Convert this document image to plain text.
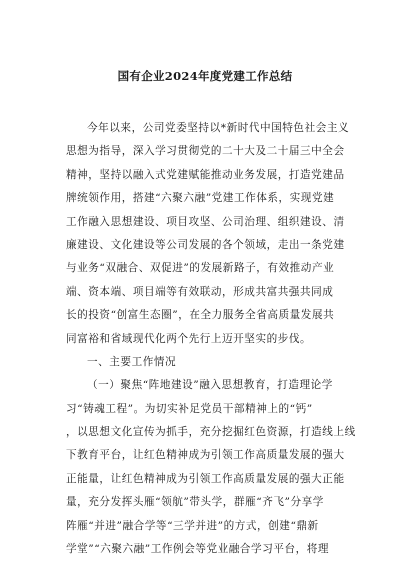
国有企业2024年度党建工作总结
今年以来，公司党委坚持以*新时代中国特色社会主义
思想为指导，深入学习贯彻党的二十大及二十届三中全会
精神，坚持以融入式党建赋能推动业务发展，打造党建品
牌统领作用，搭建“六聚六融”党建工作体系，实现党建
工作融入思想建设、项目攻坚、公司治理、组织建设、清
廉建设、文化建设等公司发展的各个领域，走出一条党建
与业务“双融合、双促进”的发展新路子，有效推动产业
端、资本端、项目端等有效联动，形成共富共强共同成
长的投资“创富生态圈”，在全力服务全省高质量发展共
同富裕和省域现代化两个先行上迈开坚实的步伐。
一、主要工作情况
（一）聚焦“阵地建设”融入思想教育，打造理论学
习“铸魂工程”。为切实补足党员干部精神上的“钙”
，以思想文化宣传为抓手，充分挖掘红色资源，打造线上线
下教育平台，让红色精神成为引领工作高质量发展的强大
正能量，让红色精神成为引领工作高质量发展的强大正能
量，充分发挥头雁“领航”带头学，群雁“齐飞”分享学
阵雁“并进”融合学等“三学并进”的方式，创建“鼎新
学堂”“六聚六融”工作例会等党业融合学习平台，将理
